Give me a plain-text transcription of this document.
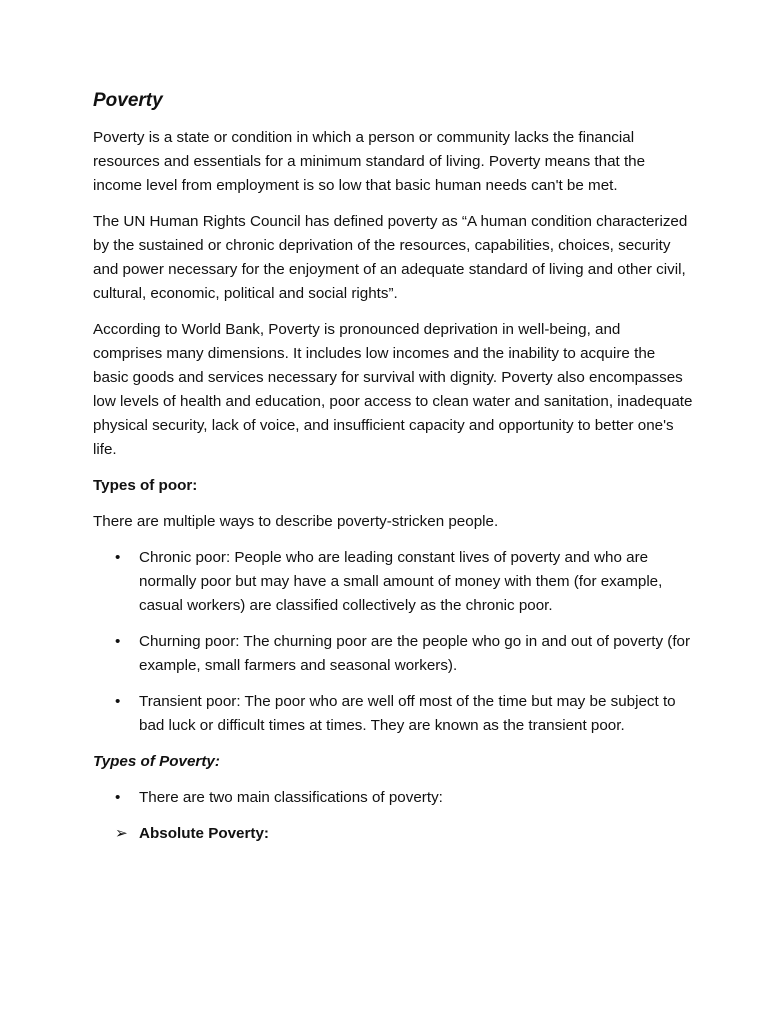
Poverty

Poverty is a state or condition in which a person or community lacks the financial resources and essentials for a minimum standard of living. Poverty means that the income level from employment is so low that basic human needs can't be met.

The UN Human Rights Council has defined poverty as “A human condition characterized by the sustained or chronic deprivation of the resources, capabilities, choices, security and power necessary for the enjoyment of an adequate standard of living and other civil, cultural, economic, political and social rights”.

According to World Bank, Poverty is pronounced deprivation in well-being, and comprises many dimensions. It includes low incomes and the inability to acquire the basic goods and services necessary for survival with dignity. Poverty also encompasses low levels of health and education, poor access to clean water and sanitation, inadequate physical security, lack of voice, and insufficient capacity and opportunity to better one's life.

Types of poor:

There are multiple ways to describe poverty-stricken people.

•	Chronic poor: People who are leading constant lives of poverty and who are normally poor but may have a small amount of money with them (for example, casual workers) are classified collectively as the chronic poor.
•	Churning poor: The churning poor are the people who go in and out of poverty (for example, small farmers and seasonal workers).
•	Transient poor: The poor who are well off most of the time but may be subject to bad luck or difficult times at times. They are known as the transient poor.
Types of Poverty:
•	There are two main classifications of poverty:
➢ Absolute Poverty:
